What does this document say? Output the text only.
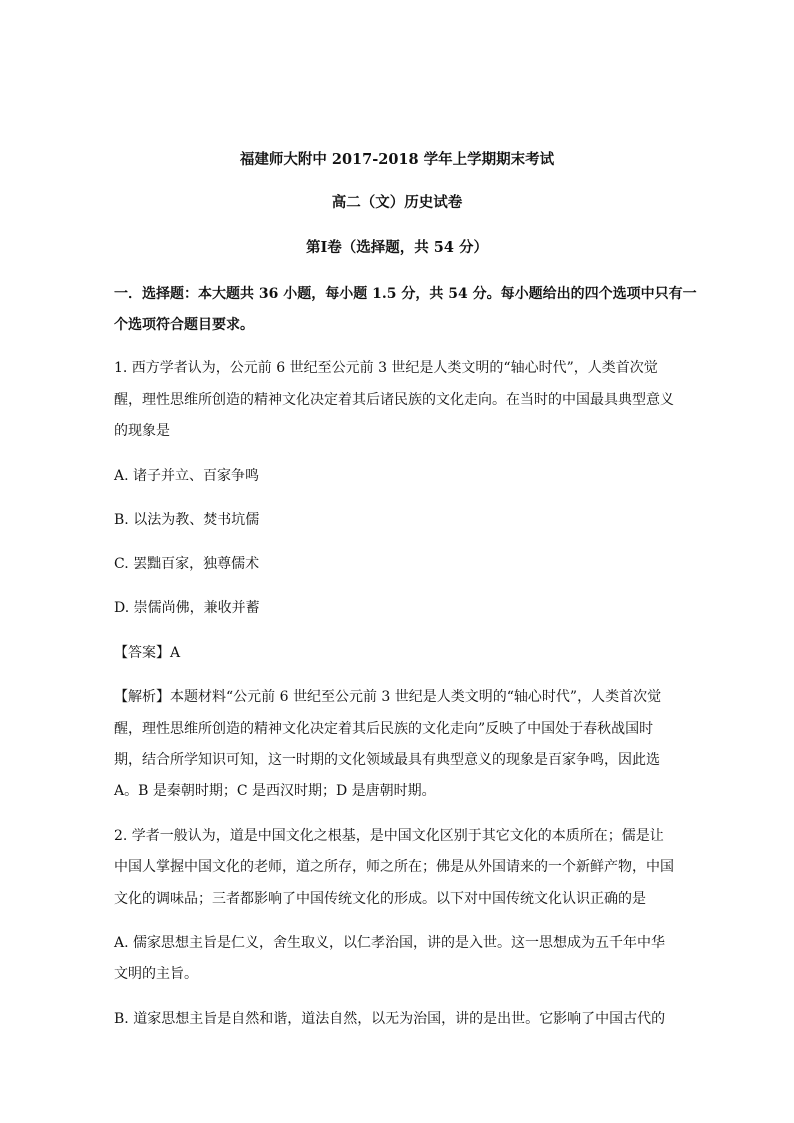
福建师大附中 2017-2018 学年上学期期末考试
高二（文）历史试卷
第Ⅰ卷（选择题，共 54 分）
一．选择题：本大题共 36 小题，每小题 1.5 分，共 54 分。每小题给出的四个选项中只有一
个选项符合题目要求。
1. 西方学者认为，公元前 6 世纪至公元前 3 世纪是人类文明的“轴心时代”，人类首次觉
醒，理性思维所创造的精神文化决定着其后诸民族的文化走向。在当时的中国最具典型意义
的现象是
A. 诸子并立、百家争鸣
B. 以法为教、焚书坑儒
C. 罢黜百家，独尊儒术
D. 崇儒尚佛，兼收并蓄
【答案】A
【解析】本题材料“公元前 6 世纪至公元前 3 世纪是人类文明的“轴心时代”，人类首次觉
醒，理性思维所创造的精神文化决定着其后民族的文化走向”反映了中国处于春秋战国时
期，结合所学知识可知，这一时期的文化领域最具有典型意义的现象是百家争鸣，因此选
A。B 是秦朝时期；C 是西汉时期；D 是唐朝时期。
2. 学者一般认为，道是中国文化之根基，是中国文化区别于其它文化的本质所在；儒是让
中国人掌握中国文化的老师，道之所存，师之所在；佛是从外国请来的一个新鲜产物，中国
文化的调味品；三者都影响了中国传统文化的形成。以下对中国传统文化认识正确的是
A. 儒家思想主旨是仁义，舍生取义，以仁孝治国，讲的是入世。这一思想成为五千年中华
文明的主旨。
B. 道家思想主旨是自然和谐，道法自然，以无为治国，讲的是出世。它影响了中国古代的
